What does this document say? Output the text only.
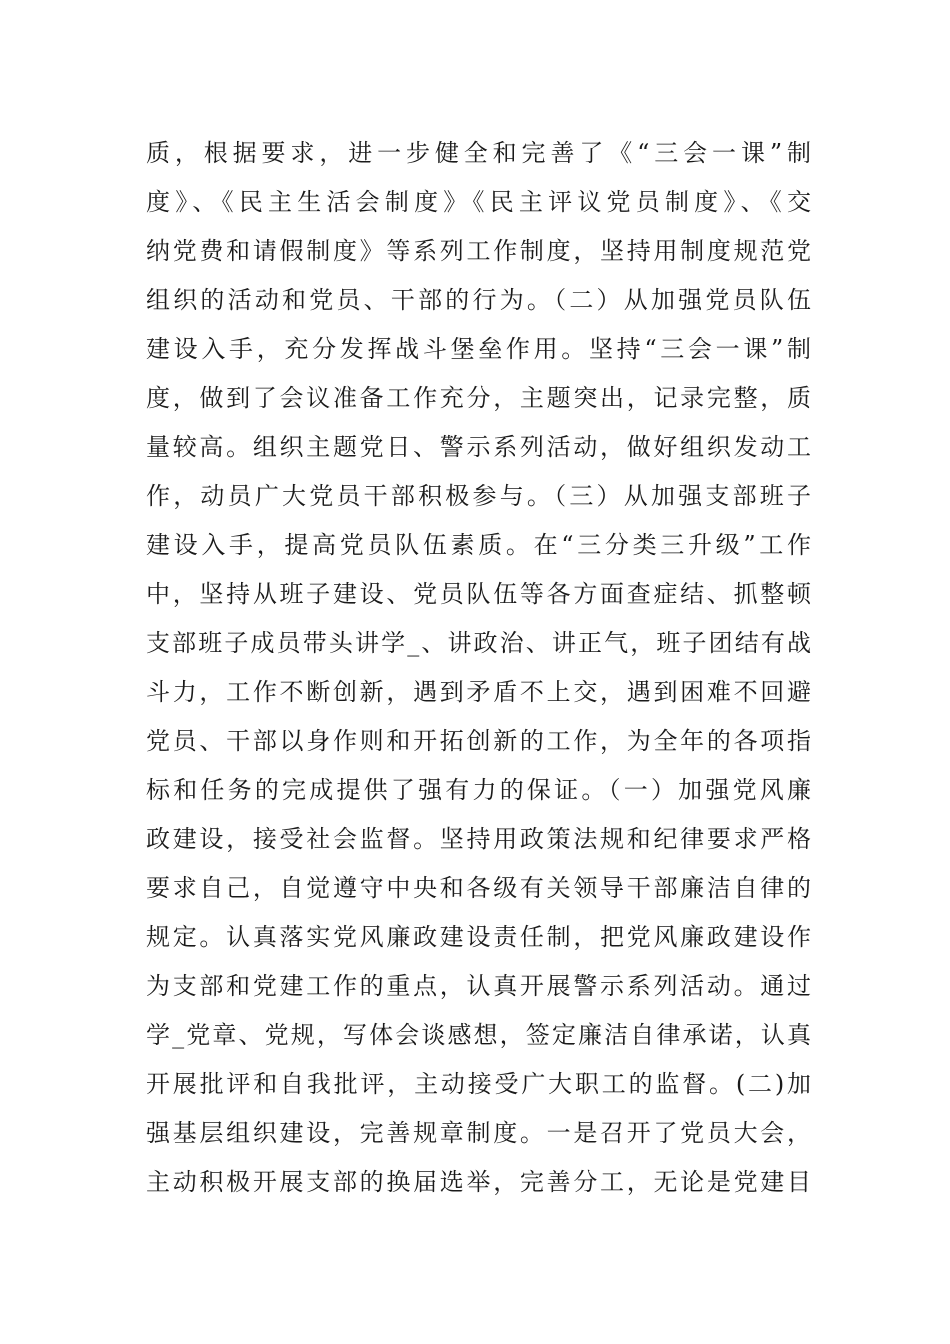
质，根据要求，进一步健全和完善了《“三会一课”制
度》、《民主生活会制度》《民主评议党员制度》、《交
纳党费和请假制度》等系列工作制度，坚持用制度规范党
组织的活动和党员、干部的行为。（二）从加强党员队伍
建设入手，充分发挥战斗堡垒作用。坚持“三会一课”制
度，做到了会议准备工作充分，主题突出，记录完整，质
量较高。组织主题党日、警示系列活动，做好组织发动工
作，动员广大党员干部积极参与。（三）从加强支部班子
建设入手，提高党员队伍素质。在“三分类三升级”工作
中，坚持从班子建设、党员队伍等各方面查症结、抓整顿
支部班子成员带头讲学_、讲政治、讲正气，班子团结有战
斗力，工作不断创新，遇到矛盾不上交，遇到困难不回避
党员、干部以身作则和开拓创新的工作，为全年的各项指
标和任务的完成提供了强有力的保证。（一）加强党风廉
政建设，接受社会监督。坚持用政策法规和纪律要求严格
要求自己，自觉遵守中央和各级有关领导干部廉洁自律的
规定。认真落实党风廉政建设责任制，把党风廉政建设作
为支部和党建工作的重点，认真开展警示系列活动。通过
学_党章、党规，写体会谈感想，签定廉洁自律承诺，认真
开展批评和自我批评，主动接受广大职工的监督。(二)加
强基层组织建设，完善规章制度。一是召开了党员大会，
主动积极开展支部的换届选举，完善分工，无论是党建目
